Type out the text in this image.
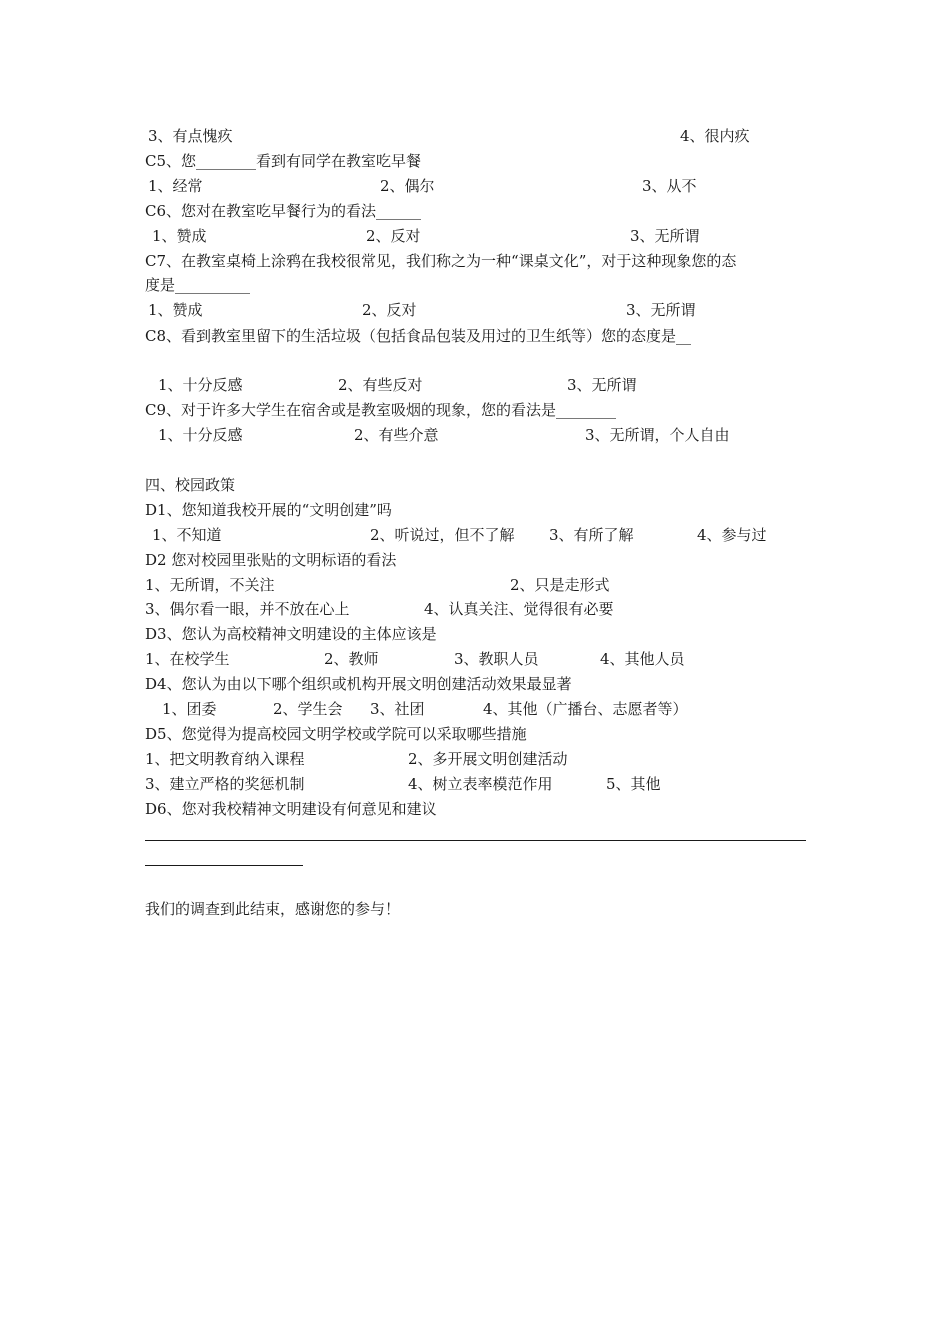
3、有点愧疚	4、很内疚
C5、您________看到有同学在教室吃早餐
1、经常	2、偶尔	3、从不
C6、您对在教室吃早餐行为的看法______
1、赞成	2、反对	3、无所谓
C7、在教室桌椅上涂鸦在我校很常见，我们称之为一种“课桌文化”，对于这种现象您的态
度是__________
1、赞成	2、反对	3、无所谓
C8、看到教室里留下的生活垃圾（包括食品包装及用过的卫生纸等）您的态度是__
1、十分反感	2、有些反对	3、无所谓
C9、对于许多大学生在宿舍或是教室吸烟的现象，您的看法是________
1、十分反感	2、有些介意	3、无所谓，个人自由
四、校园政策
D1、您知道我校开展的“文明创建”吗
1、不知道	2、听说过，但不了解 3、有所了解	4、参与过
D2 您对校园里张贴的文明标语的看法
1、无所谓，不关注	2、只是走形式
3、偶尔看一眼，并不放在心上	4、认真关注、觉得很有必要
D3、您认为高校精神文明建设的主体应该是
1、在校学生	2、教师	3、教职人员	4、其他人员
D4、您认为由以下哪个组织或机构开展文明创建活动效果最显著
1、团委	2、学生会 3、社团	4、其他（广播台、志愿者等）
D5、您觉得为提高校园文明学校或学院可以采取哪些措施
1、把文明教育纳入课程	2、多开展文明创建活动
3、建立严格的奖惩机制	4、树立表率模范作用	5、其他
D6、您对我校精神文明建设有何意见和建议
我们的调查到此结束，感谢您的参与！
